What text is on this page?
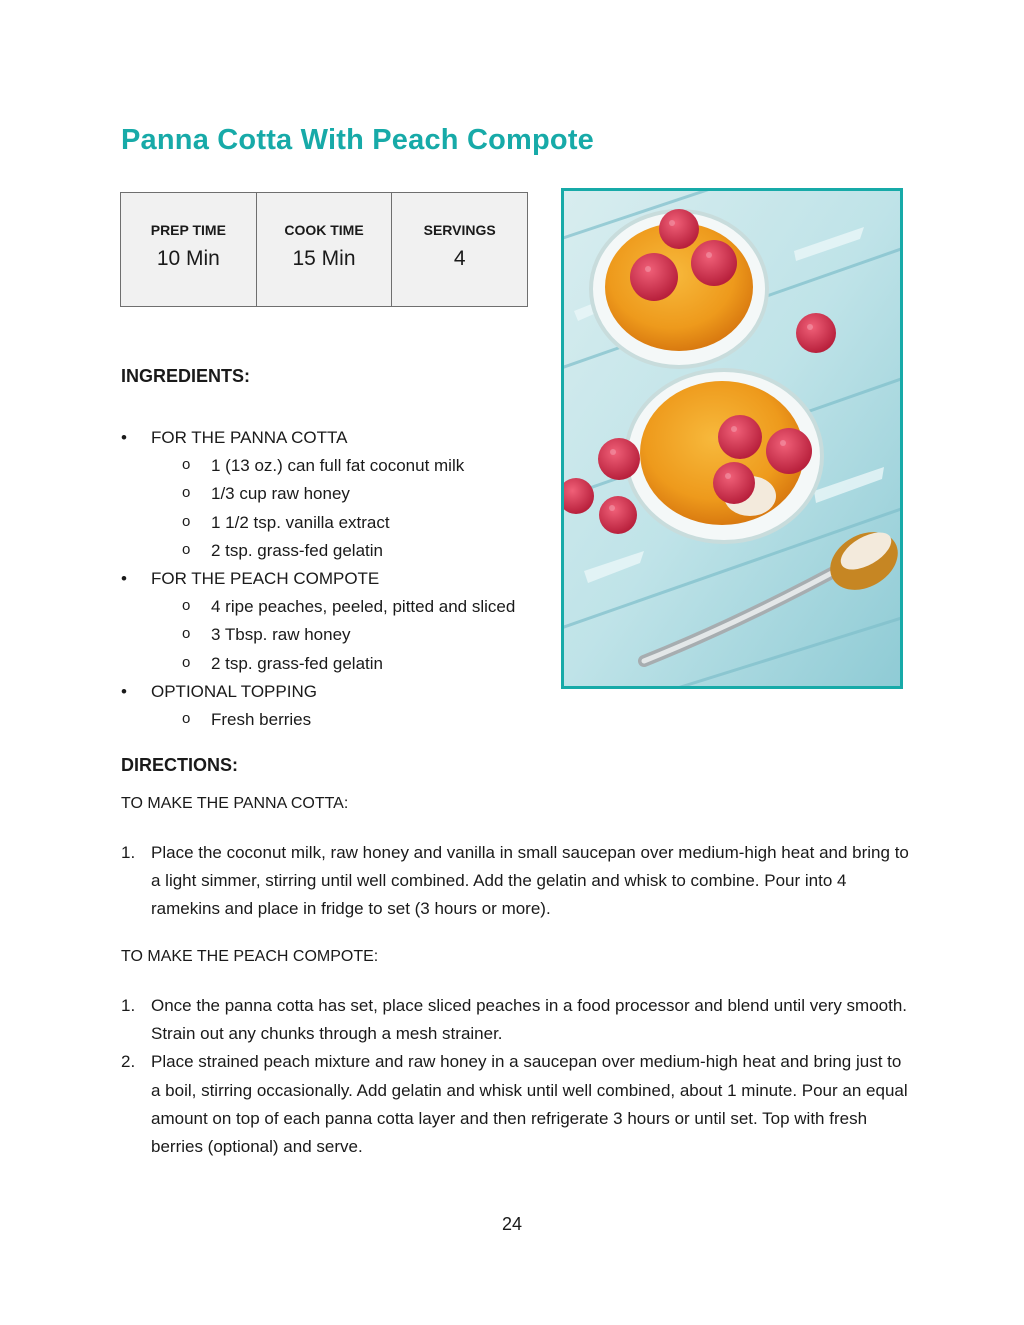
Panna Cotta With Peach Compote
PREP TIME
10 Min
COOK TIME
15 Min
SERVINGS
4
INGREDIENTS:
• FOR THE PANNA COTTA
o 1 (13 oz.) can full fat coconut milk
o 1/3 cup raw honey
o 1 1/2 tsp. vanilla extract
o 2 tsp. grass-fed gelatin
• FOR THE PEACH COMPOTE
o 4 ripe peaches, peeled, pitted and sliced
o 3 Tbsp. raw honey
o 2 tsp. grass-fed gelatin
• OPTIONAL TOPPING
o Fresh berries
DIRECTIONS:
TO MAKE THE PANNA COTTA:
1. Place the coconut milk, raw honey and vanilla in small saucepan over medium-high heat and bring to a light simmer, stirring until well combined. Add the gelatin and whisk to combine. Pour into 4 ramekins and place in fridge to set (3 hours or more).
TO MAKE THE PEACH COMPOTE:
1. Once the panna cotta has set, place sliced peaches in a food processor and blend until very smooth. Strain out any chunks through a mesh strainer.
2. Place strained peach mixture and raw honey in a saucepan over medium-high heat and bring just to a boil, stirring occasionally. Add gelatin and whisk until well combined, about 1 minute. Pour an equal amount on top of each panna cotta layer and then refrigerate 3 hours or until set. Top with fresh berries (optional) and serve.
24
